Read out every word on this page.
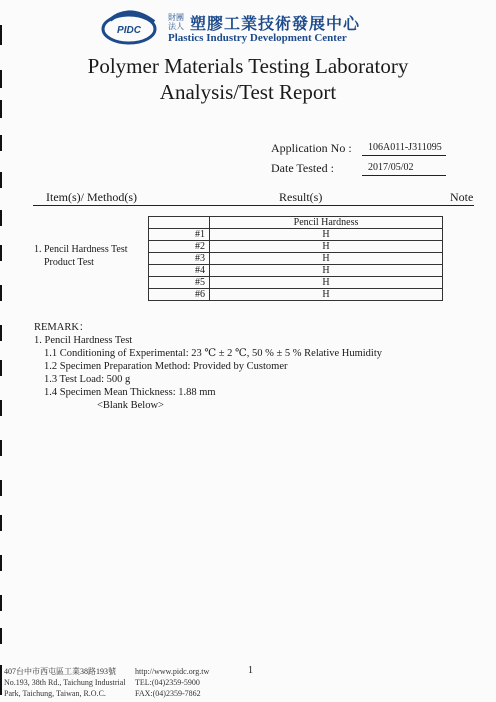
PIDC
財團
法人 塑膠工業技術發展中心
Plastics Industry Development Center
Polymer Materials Testing Laboratory
Analysis/Test Report
Application No : 106A011-J311095
Date Tested :	2017/05/02
Item(s)/ Method(s)	Result(s)	Note
1. Pencil Hardness Test
Product Test
	Pencil Hardness
#1	H
#2	H
#3	H
#4	H
#5	H
#6	H
REMARK：
1. Pencil Hardness Test
1.1 Conditioning of Experimental: 23 ℃ ± 2 ℃, 50 % ± 5 % Relative Humidity
1.2 Specimen Preparation Method: Provided by Customer
1.3 Test Load: 500 g
1.4 Specimen Mean Thickness: 1.88 mm
<Blank Below>
1
407台中市西屯區工業38路193號
No.193, 38th Rd., Taichung Industrial
Park, Taichung, Taiwan, R.O.C.
http://www.pidc.org.tw
TEL:(04)2359-5900
FAX:(04)2359-7862
